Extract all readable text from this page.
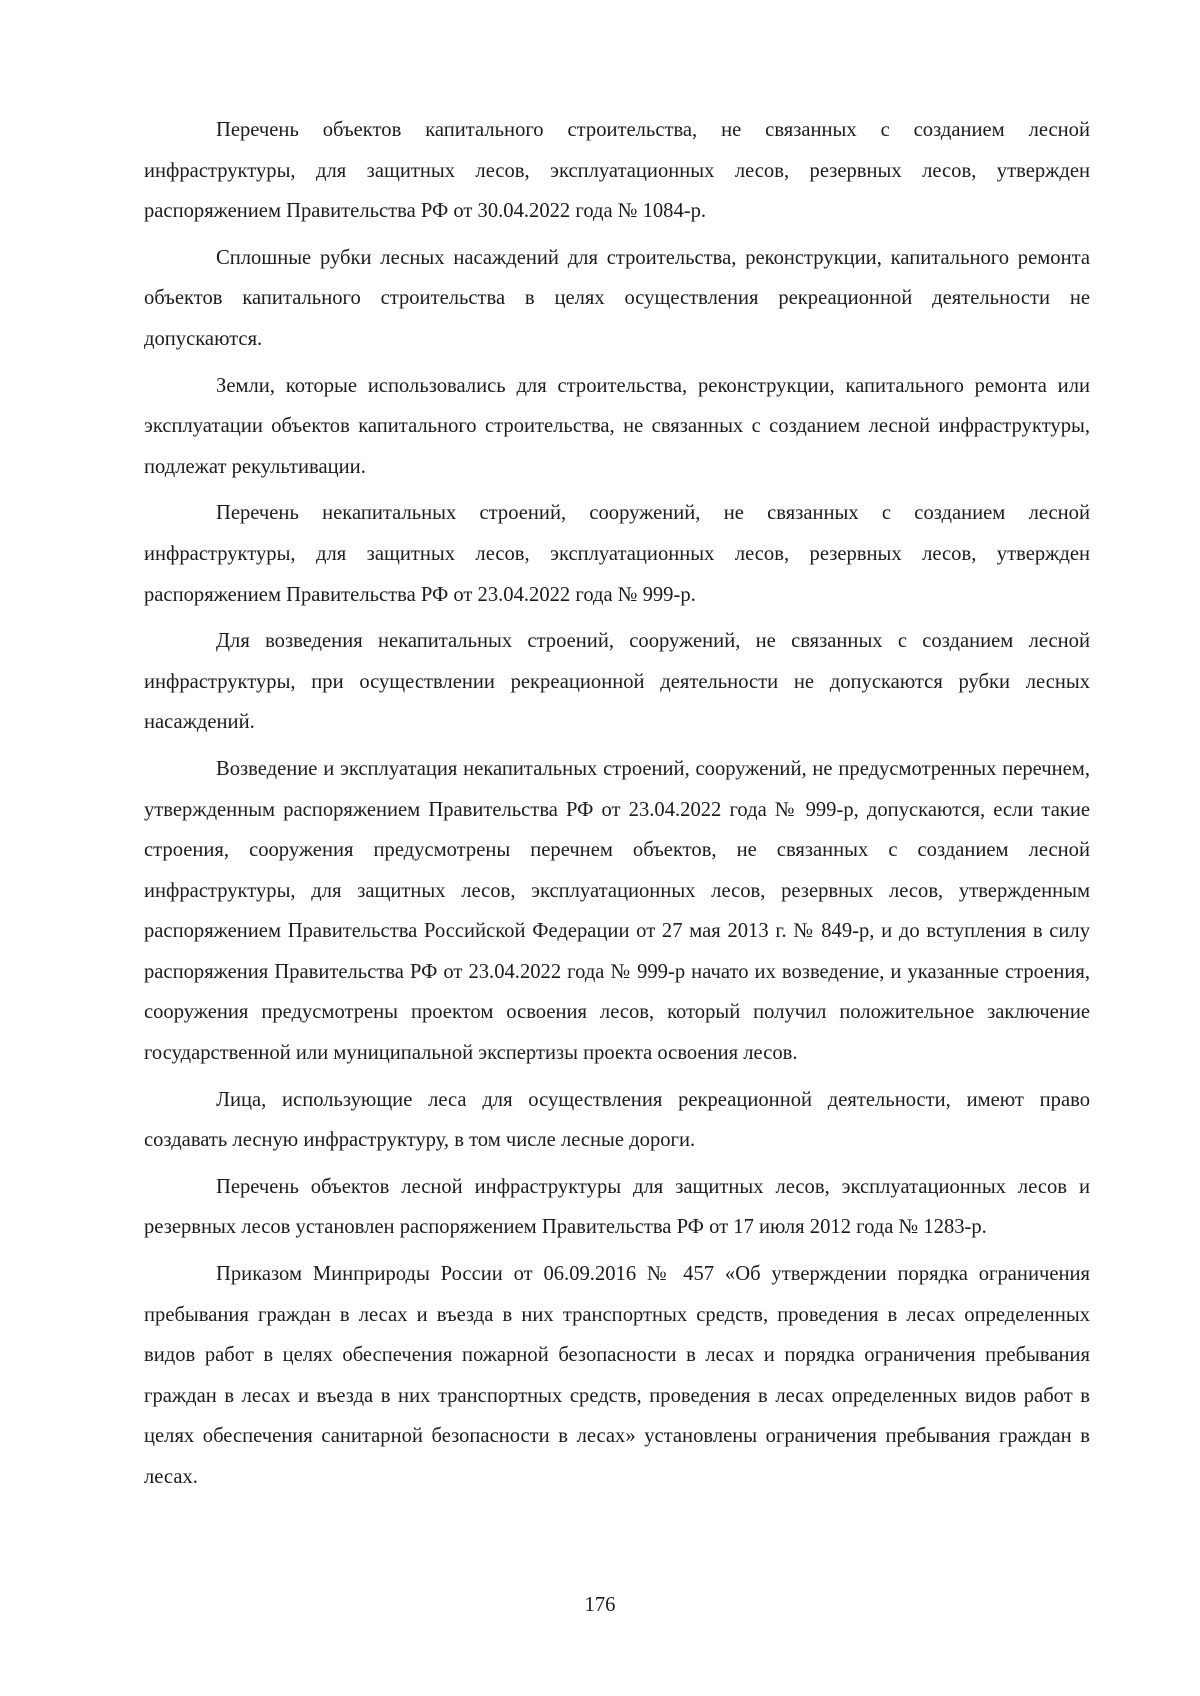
Перечень объектов капитального строительства, не связанных с созданием лесной инфраструктуры, для защитных лесов, эксплуатационных лесов, резервных лесов, утвержден распоряжением Правительства РФ от 30.04.2022 года № 1084-р.

Сплошные рубки лесных насаждений для строительства, реконструкции, капитального ремонта объектов капитального строительства в целях осуществления рекреационной деятельности не допускаются.

Земли, которые использовались для строительства, реконструкции, капитального ремонта или эксплуатации объектов капитального строительства, не связанных с созданием лесной инфраструктуры, подлежат рекультивации.

Перечень некапитальных строений, сооружений, не связанных с созданием лесной инфраструктуры, для защитных лесов, эксплуатационных лесов, резервных лесов, утвержден распоряжением Правительства РФ от 23.04.2022 года № 999-р.

Для возведения некапитальных строений, сооружений, не связанных с созданием лесной инфраструктуры, при осуществлении рекреационной деятельности не допускаются рубки лесных насаждений.

Возведение и эксплуатация некапитальных строений, сооружений, не предусмотренных перечнем, утвержденным распоряжением Правительства РФ от 23.04.2022 года № 999-р, допускаются, если такие строения, сооружения предусмотрены перечнем объектов, не связанных с созданием лесной инфраструктуры, для защитных лесов, эксплуатационных лесов, резервных лесов, утвержденным распоряжением Правительства Российской Федерации от 27 мая 2013 г. № 849-р, и до вступления в силу распоряжения Правительства РФ от 23.04.2022 года № 999-р начато их возведение, и указанные строения, сооружения предусмотрены проектом освоения лесов, который получил положительное заключение государственной или муниципальной экспертизы проекта освоения лесов.

Лица, использующие леса для осуществления рекреационной деятельности, имеют право создавать лесную инфраструктуру, в том числе лесные дороги.

Перечень объектов лесной инфраструктуры для защитных лесов, эксплуатационных лесов и резервных лесов установлен распоряжением Правительства РФ от 17 июля 2012 года № 1283-р.

Приказом Минприроды России от 06.09.2016 № 457 «Об утверждении порядка ограничения пребывания граждан в лесах и въезда в них транспортных средств, проведения в лесах определенных видов работ в целях обеспечения пожарной безопасности в лесах и порядка ограничения пребывания граждан в лесах и въезда в них транспортных средств, проведения в лесах определенных видов работ в целях обеспечения санитарной безопасности в лесах» установлены ограничения пребывания граждан в лесах.

176
